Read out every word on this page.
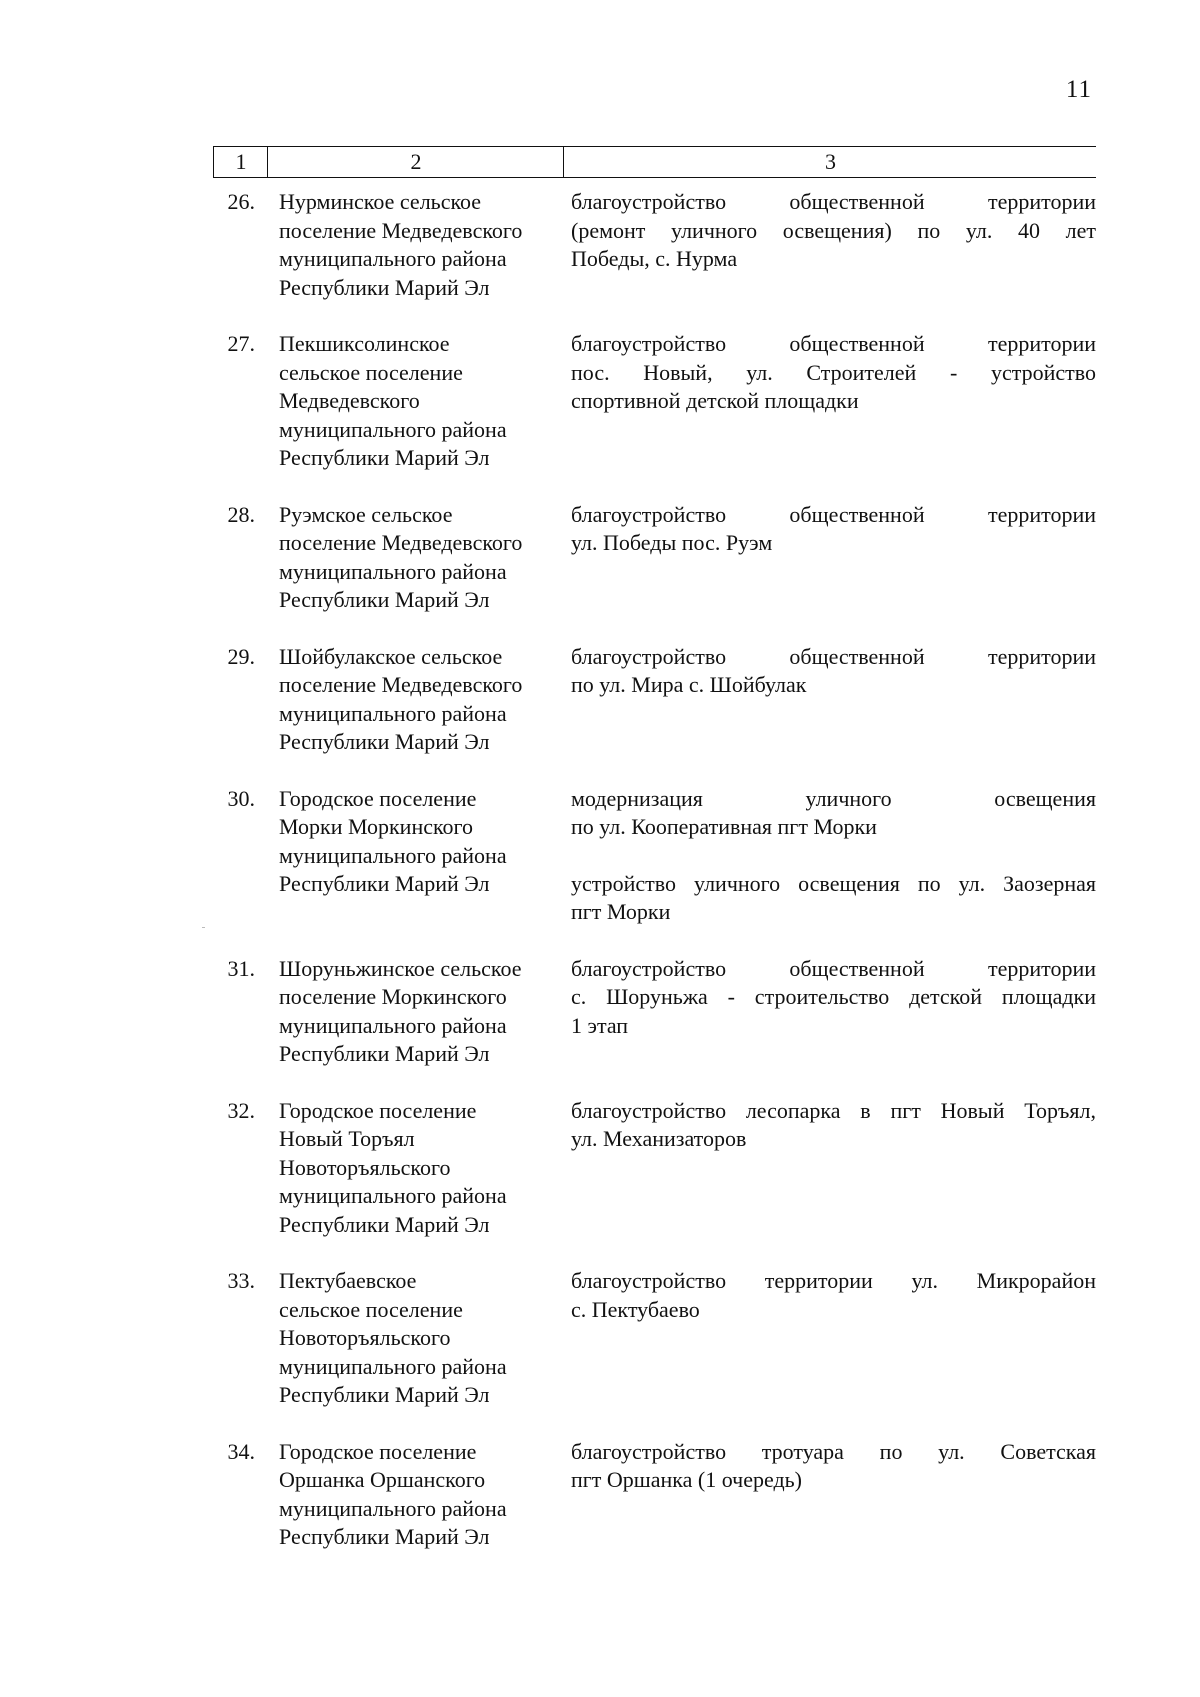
11
1	2	3
26. Нурминское сельское
поселение Медведевского
муниципального района
Республики Марий Эл
благоустройство общественной территории
(ремонт уличного освещения) по ул. 40 лет
Победы, с. Нурма
27. Пекшиксолинское
сельское поселение
Медведевского
муниципального района
Республики Марий Эл
благоустройство общественной территории
пос. Новый, ул. Строителей - устройство
спортивной детской площадки
28. Руэмское сельское
поселение Медведевского
муниципального района
Республики Марий Эл
благоустройство общественной территории
ул. Победы пос. Руэм
29. Шойбулакское сельское
поселение Медведевского
муниципального района
Республики Марий Эл
благоустройство общественной территории
по ул. Мира с. Шойбулак
30. Городское поселение
Морки Моркинского
муниципального района
Республики Марий Эл
модернизация уличного освещения
по ул. Кооперативная пгт Морки
устройство уличного освещения по ул. Заозерная
пгт Морки
31. Шоруньжинское сельское
поселение Моркинского
муниципального района
Республики Марий Эл
благоустройство общественной территории
с. Шоруньжа - строительство детской площадки
1 этап
32. Городское поселение
Новый Торъял
Новоторъяльского
муниципального района
Республики Марий Эл
благоустройство лесопарка в пгт Новый Торъял,
ул. Механизаторов
33. Пектубаевское
сельское поселение
Новоторъяльского
муниципального района
Республики Марий Эл
благоустройство территории ул. Микрорайон
с. Пектубаево
34. Городское поселение
Оршанка Оршанского
муниципального района
Республики Марий Эл
благоустройство тротуара по ул. Советская
пгт Оршанка (1 очередь)
